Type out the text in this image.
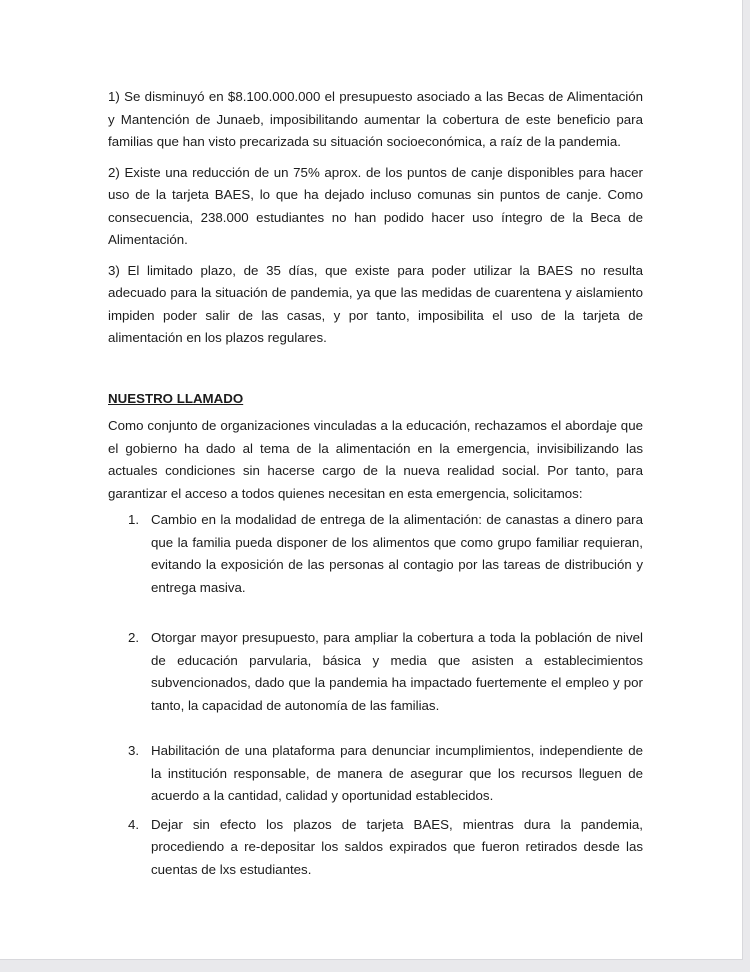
1) Se disminuyó en $8.100.000.000 el presupuesto asociado a las Becas de Alimentación y Mantención de Junaeb, imposibilitando aumentar la cobertura de este beneficio para familias que han visto precarizada su situación socioeconómica, a raíz de la pandemia.

2) Existe una reducción de un 75% aprox. de los puntos de canje disponibles para hacer uso de la tarjeta BAES, lo que ha dejado incluso comunas sin puntos de canje. Como consecuencia, 238.000 estudiantes no han podido hacer uso íntegro de la Beca de Alimentación.

3) El limitado plazo, de 35 días, que existe para poder utilizar la BAES no resulta adecuado para la situación de pandemia, ya que las medidas de cuarentena y aislamiento impiden poder salir de las casas, y por tanto, imposibilita el uso de la tarjeta de alimentación en los plazos regulares.

NUESTRO LLAMADO

Como conjunto de organizaciones vinculadas a la educación, rechazamos el abordaje que el gobierno ha dado al tema de la alimentación en la emergencia, invisibilizando las actuales condiciones sin hacerse cargo de la nueva realidad social. Por tanto, para garantizar el acceso a todos quienes necesitan en esta emergencia, solicitamos:

1. Cambio en la modalidad de entrega de la alimentación: de canastas a dinero para que la familia pueda disponer de los alimentos que como grupo familiar requieran, evitando la exposición de las personas al contagio por las tareas de distribución y entrega masiva.
2. Otorgar mayor presupuesto, para ampliar la cobertura a toda la población de nivel de educación parvularia, básica y media que asisten a establecimientos subvencionados, dado que la pandemia ha impactado fuertemente el empleo y por tanto, la capacidad de autonomía de las familias.
3. Habilitación de una plataforma para denunciar incumplimientos, independiente de la institución responsable, de manera de asegurar que los recursos lleguen de acuerdo a la cantidad, calidad y oportunidad establecidos.
4. Dejar sin efecto los plazos de tarjeta BAES, mientras dura la pandemia, procediendo a re-depositar los saldos expirados que fueron retirados desde las cuentas de lxs estudiantes.
